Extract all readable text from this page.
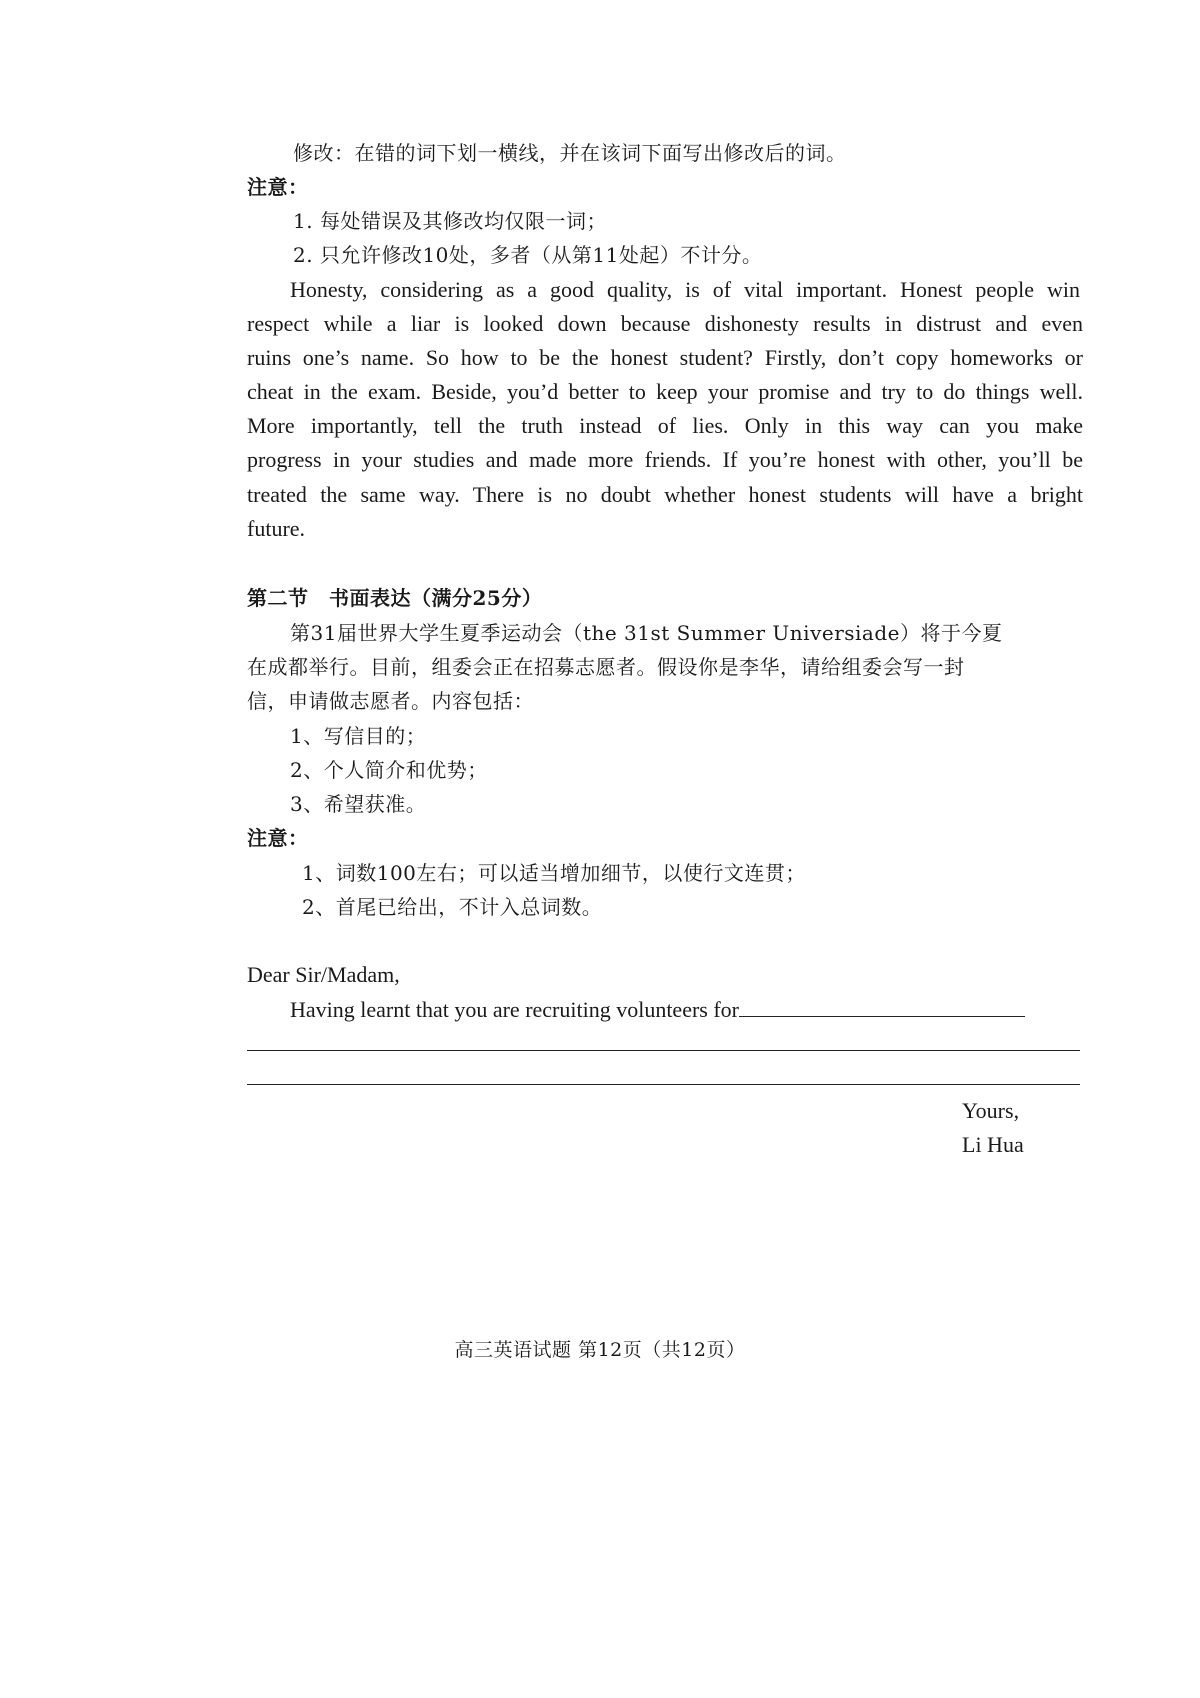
修改：在错的词下划一横线，并在该词下面写出修改后的词。
注意：
1. 每处错误及其修改均仅限一词；
2. 只允许修改10处，多者（从第11处起）不计分。
Honesty, considering as a good quality, is of vital important. Honest people win
respect while a liar is looked down because dishonesty results in distrust and even
ruins one’s name. So how to be the honest student? Firstly, don’t copy homeworks or
cheat in the exam. Beside, you’d better to keep your promise and try to do things well.
More importantly, tell the truth instead of lies. Only in this way can you make
progress in your studies and made more friends. If you’re honest with other, you’ll be
treated the same way. There is no doubt whether honest students will have a bright
future.
第二节　书面表达（满分25分）
第31届世界大学生夏季运动会（the 31st Summer Universiade）将于今夏
在成都举行。目前，组委会正在招募志愿者。假设你是李华，请给组委会写一封
信，申请做志愿者。内容包括：
1、写信目的；
2、个人简介和优势；
3、希望获准。
注意：
1、词数100左右；可以适当增加细节，以使行文连贯；
2、首尾已给出，不计入总词数。
Dear Sir/Madam,
Having learnt that you are recruiting volunteers for
Yours,
Li Hua
高三英语试题 第12页（共12页）
